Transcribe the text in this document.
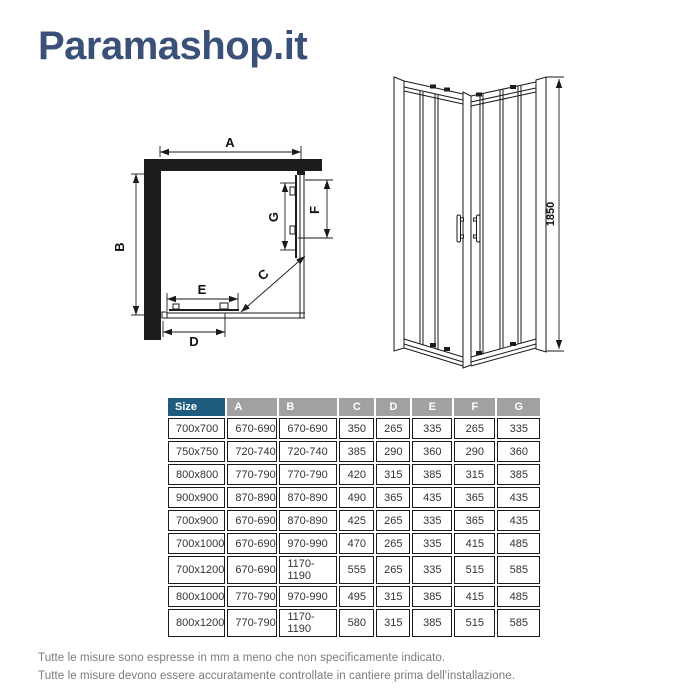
Paramashop.it
A
B
G
F
E
D
C
1850
Size	A	B	C	D	E	F	G
700x700	670-690	670-690	350	265	335	265	335
750x750	720-740	720-740	385	290	360	290	360
800x800	770-790	770-790	420	315	385	315	385
900x900	870-890	870-890	490	365	435	365	435
700x900	670-690	870-890	425	265	335	365	435
700x1000	670-690	970-990	470	265	335	415	485
700x1200	670-690	1170-1190	555	265	335	515	585
800x1000	770-790	970-990	495	315	385	415	485
800x1200	770-790	1170-1190	580	315	385	515	585
Tutte le misure sono espresse in mm a meno che non specificamente indicato.
Tutte le misure devono essere accuratamente controllate in cantiere prima dell'installazione.
